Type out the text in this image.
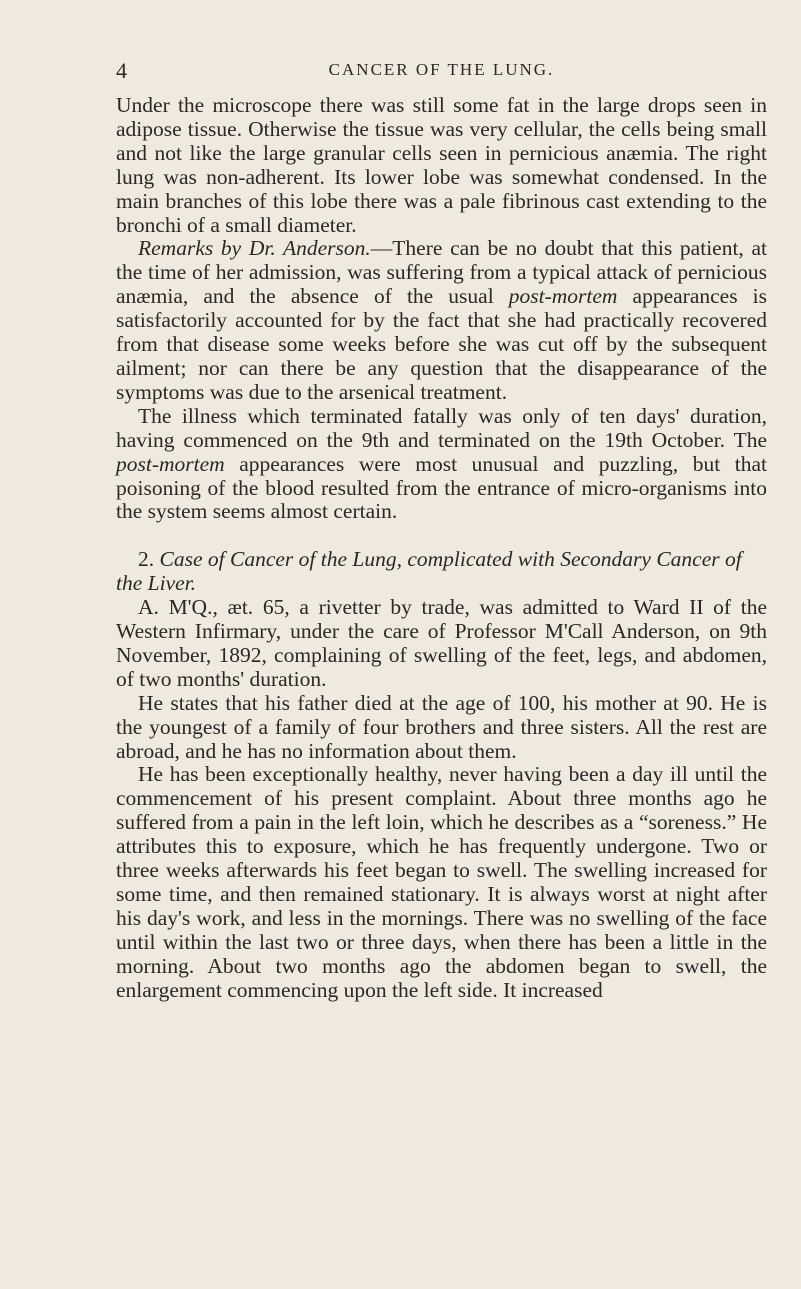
4	CANCER OF THE LUNG.

Under the microscope there was still some fat in the large drops seen in adipose tissue. Otherwise the tissue was very cellular, the cells being small and not like the large granular cells seen in pernicious anæmia. The right lung was non-adherent. Its lower lobe was somewhat condensed. In the main branches of this lobe there was a pale fibrinous cast extending to the bronchi of a small diameter.

Remarks by Dr. Anderson.—There can be no doubt that this patient, at the time of her admission, was suffering from a typical attack of pernicious anæmia, and the absence of the usual post-mortem appearances is satisfactorily accounted for by the fact that she had practically recovered from that disease some weeks before she was cut off by the subsequent ailment; nor can there be any question that the disappearance of the symptoms was due to the arsenical treatment.

The illness which terminated fatally was only of ten days' duration, having commenced on the 9th and terminated on the 19th October. The post-mortem appearances were most unusual and puzzling, but that poisoning of the blood resulted from the entrance of micro-organisms into the system seems almost certain.

2. Case of Cancer of the Lung, complicated with Secondary Cancer of the Liver.

A. M'Q., æt. 65, a rivetter by trade, was admitted to Ward II of the Western Infirmary, under the care of Professor M'Call Anderson, on 9th November, 1892, complaining of swelling of the feet, legs, and abdomen, of two months' duration.

He states that his father died at the age of 100, his mother at 90. He is the youngest of a family of four brothers and three sisters. All the rest are abroad, and he has no information about them.

He has been exceptionally healthy, never having been a day ill until the commencement of his present complaint. About three months ago he suffered from a pain in the left loin, which he describes as a “soreness.” He attributes this to exposure, which he has frequently undergone. Two or three weeks afterwards his feet began to swell. The swelling increased for some time, and then remained stationary. It is always worst at night after his day's work, and less in the mornings. There was no swelling of the face until within the last two or three days, when there has been a little in the morning. About two months ago the abdomen began to swell, the enlargement commencing upon the left side. It increased
